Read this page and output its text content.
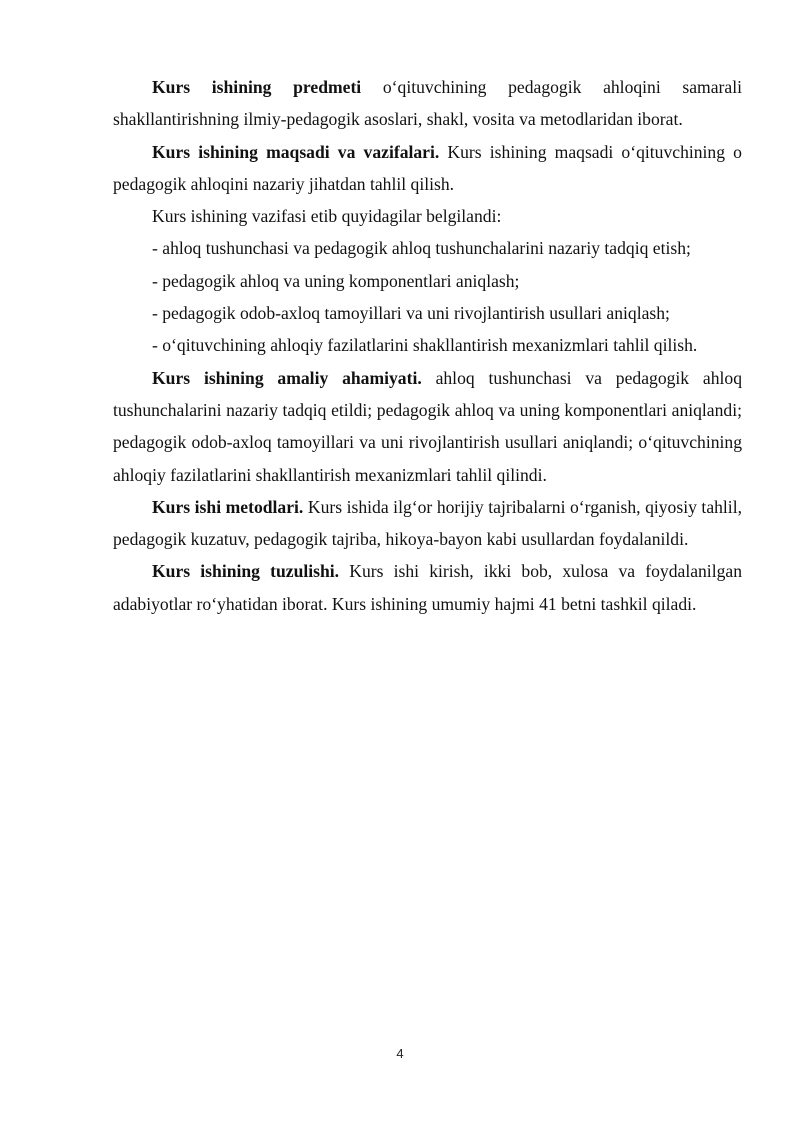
Kurs ishining predmeti o‘qituvchining pedagogik ahloqini samarali shakllantirishning ilmiy-pedagogik asoslari, shakl, vosita va metodlaridan iborat.

Kurs ishining maqsadi va vazifalari. Kurs ishining maqsadi o‘qituvchining o pedagogik ahloqini nazariy jihatdan tahlil qilish.

Kurs ishining vazifasi etib quyidagilar belgilandi:

- ahloq tushunchasi va pedagogik ahloq tushunchalarini nazariy tadqiq etish;

- pedagogik ahloq va uning komponentlari aniqlash;

- pedagogik odob-axloq tamoyillari va uni rivojlantirish usullari aniqlash;

- o‘qituvchining ahloqiy fazilatlarini shakllantirish mexanizmlari tahlil qilish.

Kurs ishining amaliy ahamiyati. ahloq tushunchasi va pedagogik ahloq tushunchalarini nazariy tadqiq etildi; pedagogik ahloq va uning komponentlari aniqlandi; pedagogik odob-axloq tamoyillari va uni rivojlantirish usullari aniqlandi; o‘qituvchining ahloqiy fazilatlarini shakllantirish mexanizmlari tahlil qilindi.

Kurs ishi metodlari. Kurs ishida ilg‘or horijiy tajribalarni o‘rganish, qiyosiy tahlil, pedagogik kuzatuv, pedagogik tajriba, hikoya-bayon kabi usullardan foydalanildi.

Kurs ishining tuzulishi. Kurs ishi kirish, ikki bob, xulosa va foydalanilgan adabiyotlar ro‘yhatidan iborat. Kurs ishining umumiy hajmi 41 betni tashkil qiladi.

4
